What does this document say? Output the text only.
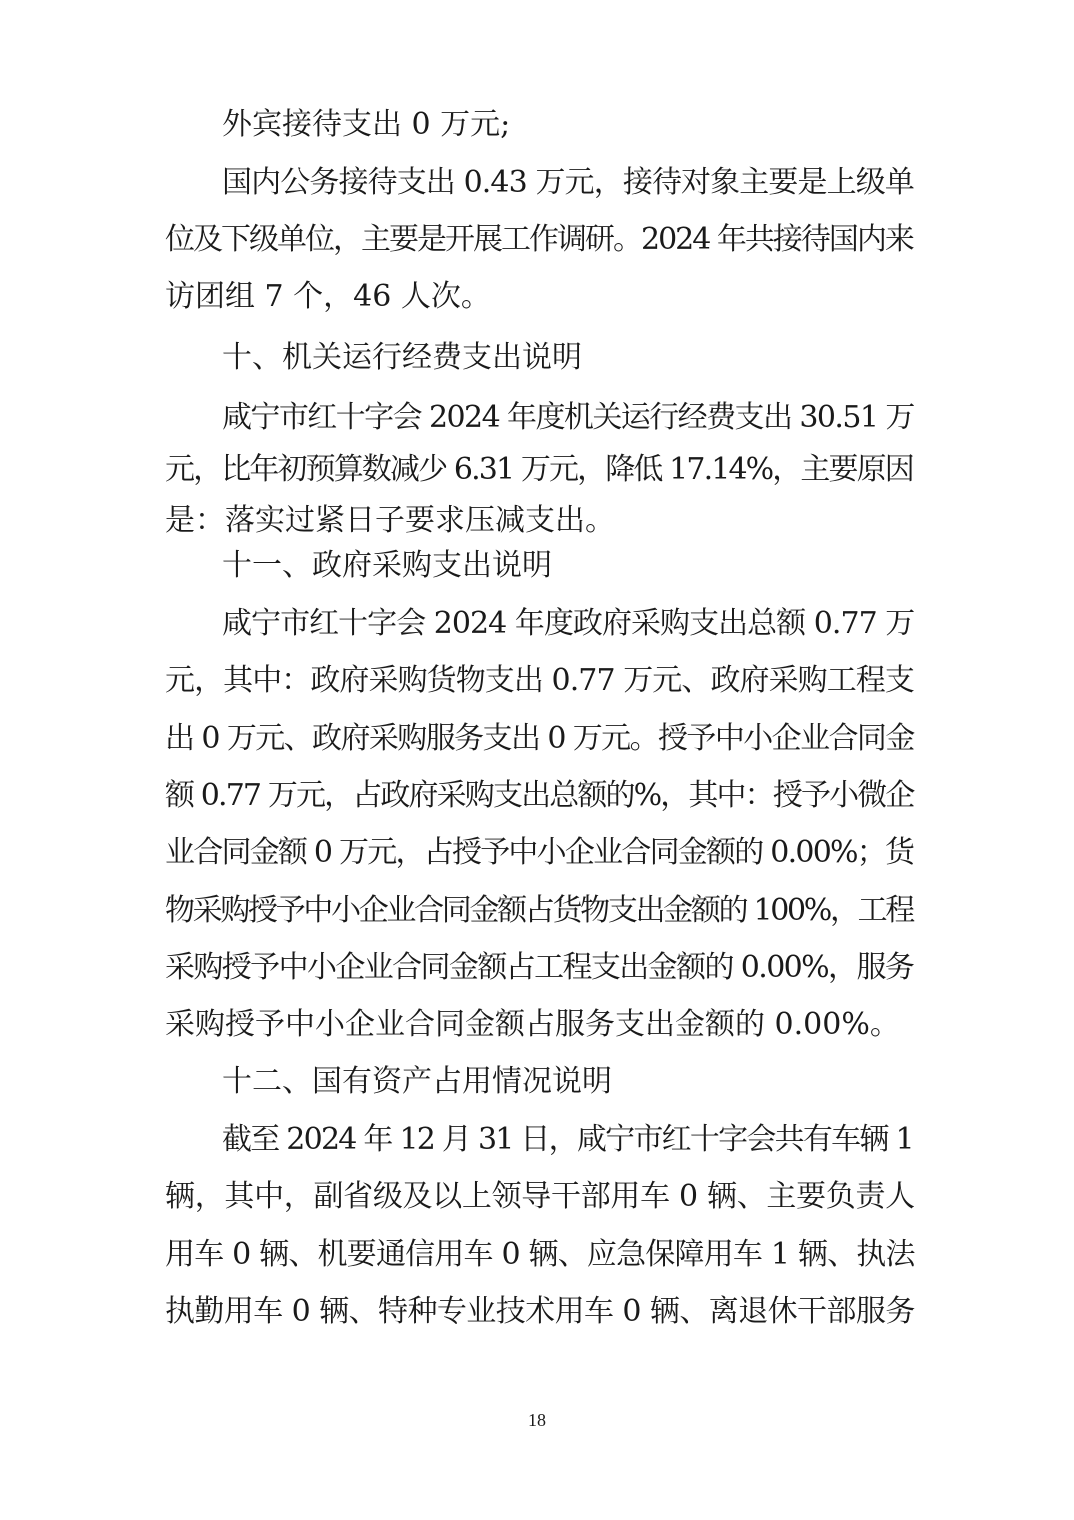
外宾接待支出 0 万元;
国内公务接待支出 0.43 万元，接待对象主要是上级单
位及下级单位，主要是开展工作调研。2024 年共接待国内来
访团组 7 个，46 人次。
十、机关运行经费支出说明
咸宁市红十字会 2024 年度机关运行经费支出 30.51 万
元，比年初预算数减少 6.31 万元，降低 17.14%，主要原因
是：落实过紧日子要求压减支出。
十一、政府采购支出说明
咸宁市红十字会 2024 年度政府采购支出总额 0.77 万
元，其中：政府采购货物支出 0.77 万元、政府采购工程支
出 0 万元、政府采购服务支出 0 万元。授予中小企业合同金
额 0.77 万元，占政府采购支出总额的%，其中：授予小微企
业合同金额 0 万元，占授予中小企业合同金额的 0.00%；货
物采购授予中小企业合同金额占货物支出金额的 100%，工程
采购授予中小企业合同金额占工程支出金额的 0.00%，服务
采购授予中小企业合同金额占服务支出金额的 0.00%。
十二、国有资产占用情况说明
截至 2024 年 12 月 31 日，咸宁市红十字会共有车辆 1
辆，其中，副省级及以上领导干部用车 0 辆、主要负责人
用车 0 辆、机要通信用车 0 辆、应急保障用车 1 辆、执法
执勤用车 0 辆、特种专业技术用车 0 辆、离退休干部服务
18
